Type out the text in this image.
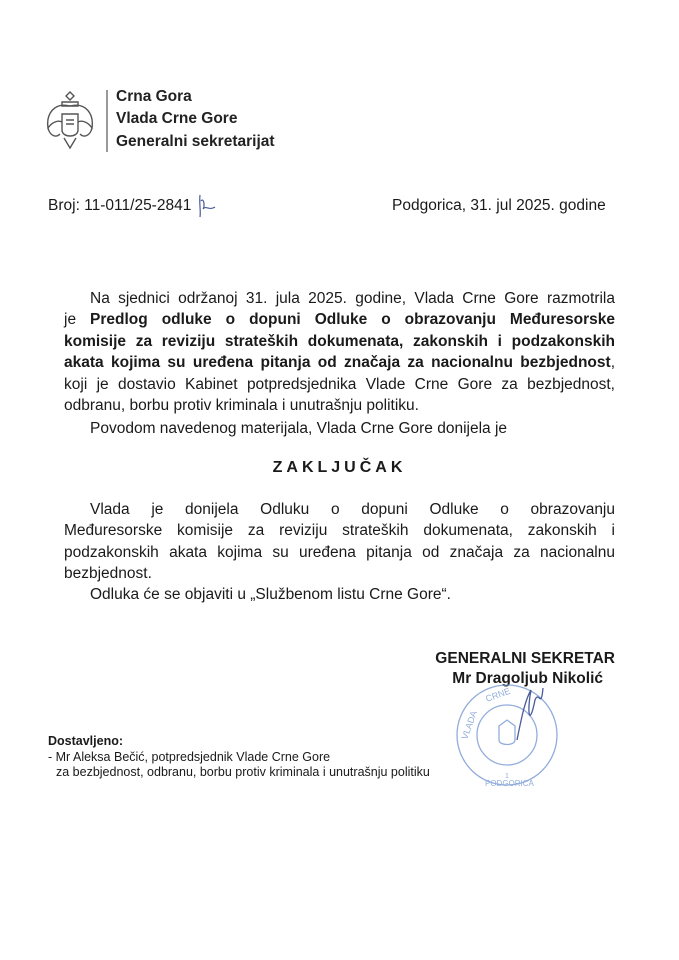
Crna Gora
Vlada Crne Gore
Generalni sekretarijat
Broj: 11-011/25-2841	Podgorica, 31. jul 2025. godine
Na sjednici održanoj 31. jula 2025. godine, Vlada Crne Gore razmotrila
je Predlog odluke o dopuni Odluke o obrazovanju Međuresorske
komisije za reviziju strateških dokumenata, zakonskih i podzakonskih
akata kojima su uređena pitanja od značaja za nacionalnu bezbjednost,
koji je dostavio Kabinet potpredsjednika Vlade Crne Gore za bezbjednost,
odbranu, borbu protiv kriminala i unutrašnju politiku.
Povodom navedenog materijala, Vlada Crne Gore donijela je
ZAKLJUČAK
Vlada je donijela Odluku o dopuni Odluke o obrazovanju
Međuresorske komisije za reviziju strateških dokumenata, zakonskih i
podzakonskih akata kojima su uređena pitanja od značaja za nacionalnu
bezbjednost.
Odluka će se objaviti u „Službenom listu Crne Gore“.
GENERALNI SEKRETAR
Mr Dragoljub Nikolić
VLADA
CRNE
1
PODGORICA
Dostavljeno:
- Mr Aleksa Bečić, potpredsjednik Vlade Crne Gore
za bezbjednost, odbranu, borbu protiv kriminala i unutrašnju politiku
